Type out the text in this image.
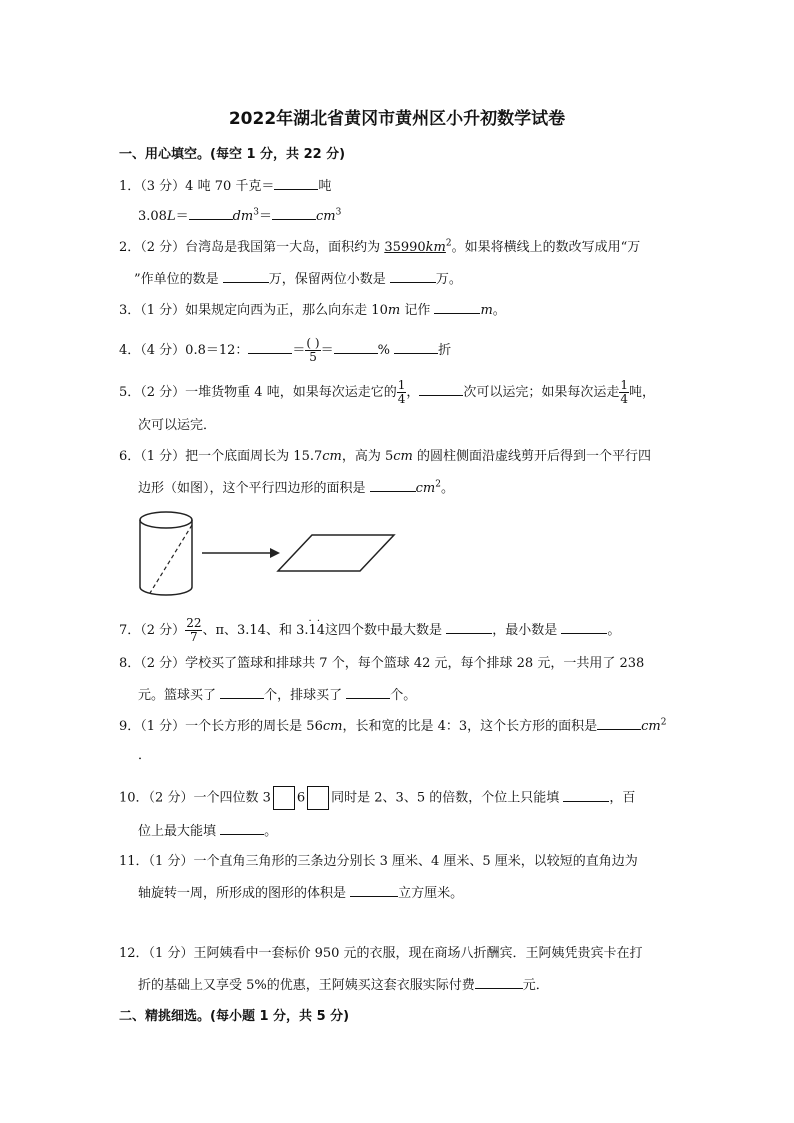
2022年湖北省黄冈市黄州区小升初数学试卷
一、用心填空。(每空 1 分，共 22 分)
1．（3 分）4 吨 70 千克＝	吨
3.08L＝	$dm^3=$	$cm^3$
2．（2 分）台湾岛是我国第一大岛，面积约为 $35990km^2$。如果将横线上的数改写成用“万
”作单位的数是	万，保留两位小数是	万。
3．（1 分）如果规定向西为正，那么向东走 10m 记作	m。
4．（4 分）0.8＝12：	＝ $\frac{( )}{5}$ ＝	%	折
5．（2 分）一堆货物重 4 吨，如果每次运走它的 $\frac{1}{4}$ ，	次可以运完；如果每次运走 $\frac{1}{4}$ 吨，
次可以运完．
6．（1 分）把一个底面周长为 15.7cm，高为 5cm 的圆柱侧面沿虚线剪开后得到一个平行四
边形（如图），这个平行四边形的面积是	$cm^2$。
7．（2 分） $\frac{22}{7}$ 、π、3.14、和 3.· · 14这四个数中最大数是	，最小数是	。
8．（2 分）学校买了篮球和排球共 7 个，每个篮球 42 元，每个排球 28 元，一共用了 238
元。篮球买了	个，排球买了	个。
9．（1 分）一个长方形的周长是 56cm，长和宽的比是 4：3，这个长方形的面积是	$cm^2$
．
10．（2 分）一个四位数 3 6 同时是 2、3、5 的倍数，个位上只能填	，百
位上最大能填	。
11．（1 分）一个直角三角形的三条边分别长 3 厘米、4 厘米、5 厘米，以较短的直角边为
轴旋转一周，所形成的图形的体积是	立方厘米。
12．（1 分）王阿姨看中一套标价 950 元的衣服，现在商场八折酬宾．王阿姨凭贵宾卡在打
折的基础上又享受 5%的优惠，王阿姨买这套衣服实际付费	元．
二、精挑细选。(每小题 1 分，共 5 分)
